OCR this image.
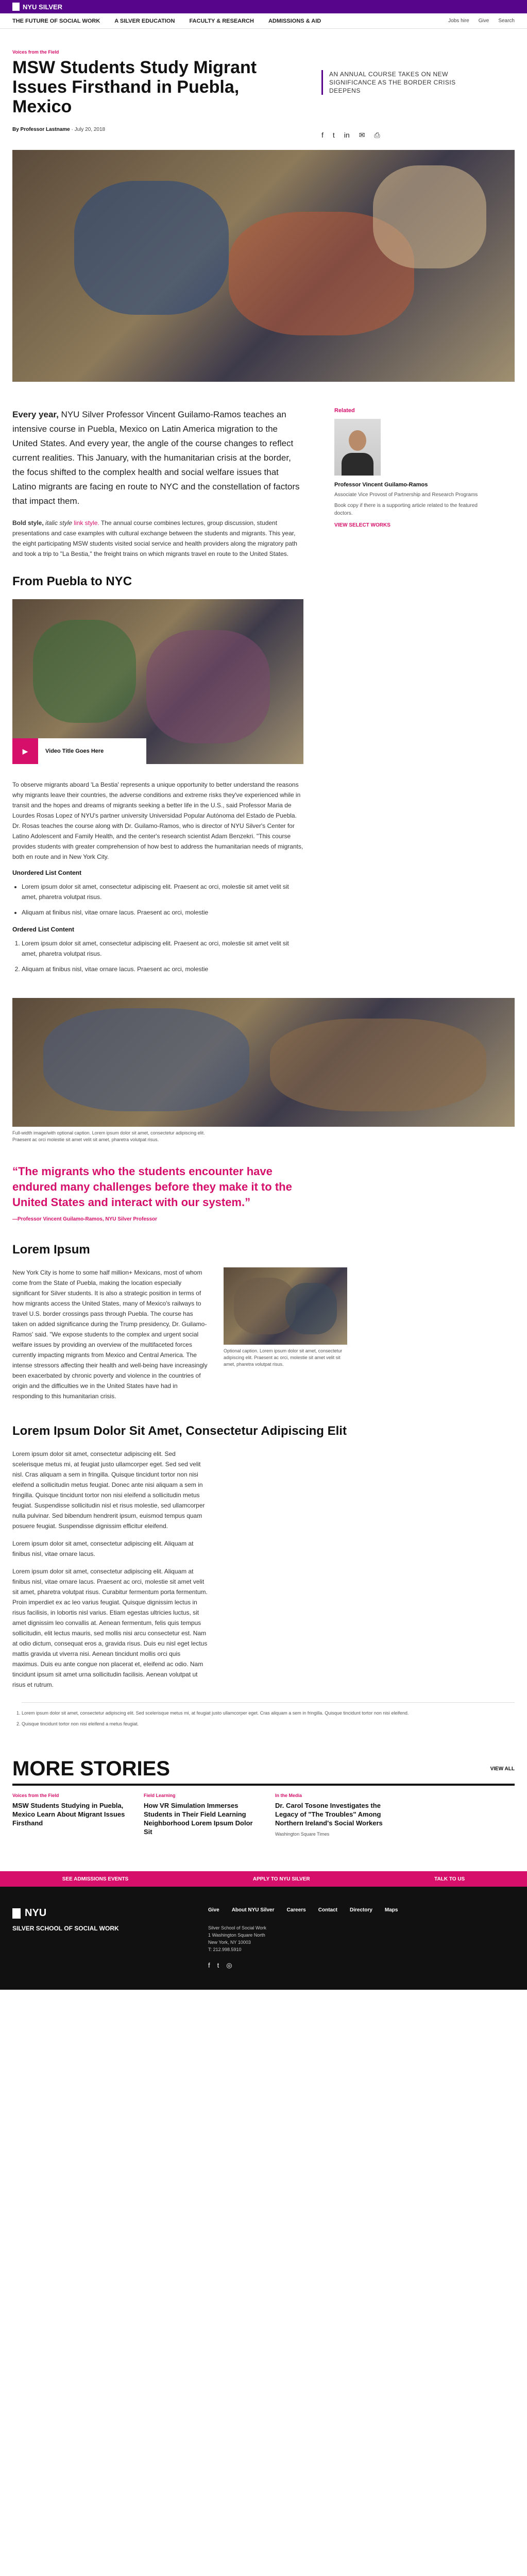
NYU SILVER
THE FUTURE OF SOCIAL WORK	A SILVER EDUCATION	FACULTY & RESEARCH	ADMISSIONS & AID	Jobs hire Give Search
Voices from the Field
MSW Students Study Migrant Issues Firsthand in Puebla, Mexico
By Professor Lastname · July 20, 2018

AN ANNUAL COURSE TAKES ON NEW SIGNIFICANCE AS THE BORDER CRISIS DEEPENS

f t in ✉ ⎙

Every year, NYU Silver Professor Vincent Guilamo-Ramos teaches an intensive course in Puebla, Mexico on Latin America migration to the United States. And every year, the angle of the course changes to reflect current realities. This January, with the humanitarian crisis at the border, the focus shifted to the complex health and social welfare issues that Latino migrants are facing en route to NYC and the constellation of factors that impact them.

Bold style, italic style link style. The annual course combines lectures, group discussion, student presentations and case examples with cultural exchange between the students and migrants. This year, the eight participating MSW students visited social service and health providers along the migratory path and took a trip to "La Bestia," the freight trains on which migrants travel en route to the United States.

From Puebla to NYC
▶	Video Title Goes Here

To observe migrants aboard 'La Bestia' represents a unique opportunity to better understand the reasons why migrants leave their countries, the adverse conditions and extreme risks they've experienced while in transit and the hopes and dreams of migrants seeking a better life in the U.S., said Professor Maria de Lourdes Rosas Lopez of NYU's partner university Universidad Popular Autónoma del Estado de Puebla. Dr. Rosas teaches the course along with Dr. Guilamo-Ramos, who is director of NYU Silver's Center for Latino Adolescent and Family Health, and the center's research scientist Adam Benzekri. "This course provides students with greater comprehension of how best to address the humanitarian needs of migrants, both en route and in New York City.

Unordered List Content
• Lorem ipsum dolor sit amet, consectetur adipiscing elit. Praesent ac orci, molestie sit amet velit sit amet, pharetra volutpat risus.
• Aliquam at finibus nisl, vitae ornare lacus. Praesent ac orci, molestie
Ordered List Content
1. Lorem ipsum dolor sit amet, consectetur adipiscing elit. Praesent ac orci, molestie sit amet velit sit amet, pharetra volutpat risus.
2. Aliquam at finibus nisl, vitae ornare lacus. Praesent ac orci, molestie
Related
Professor Vincent Guilamo-Ramos
Associate Vice Provost of Partnership and Research Programs
Book copy if there is a supporting article related to the featured doctors.
VIEW SELECT WORKS

Full-width image/with optional caption. Lorem ipsum dolor sit amet, consectetur adipiscing elit. Praesent ac orci molestie sit amet velit sit amet, pharetra volutpat risus.

“The migrants who the students encounter have endured many challenges before they make it to the United States and interact with our system.”
—Professor Vincent Guilamo-Ramos, NYU Silver Professor
Lorem Ipsum

New York City is home to some half million+ Mexicans, most of whom come from the State of Puebla, making the location especially significant for Silver students. It is also a strategic position in terms of how migrants access the United States, many of Mexico's railways to travel U.S. border crossings pass through Puebla. The course has taken on added significance during the Trump presidency, Dr. Guilamo-Ramos' said. "We expose students to the complex and urgent social welfare issues by providing an overview of the multifaceted forces currently impacting migrants from Mexico and Central America. The intense stressors affecting their health and well-being have increasingly been exacerbated by chronic poverty and violence in the countries of origin and the difficulties we in the United States have had in responding to this humanitarian crisis.

Optional caption. Lorem ipsum dolor sit amet, consectetur adipiscing elit. Praesent ac orci, molestie sit amet velit sit amet, pharetra volutpat risus.
Lorem Ipsum Dolor Sit Amet, Consectetur Adipiscing Elit

Lorem ipsum dolor sit amet, consectetur adipiscing elit. Sed scelerisque metus mi, at feugiat justo ullamcorper eget. Sed sed velit nisl. Cras aliquam a sem in fringilla. Quisque tincidunt tortor non nisi eleifend a sollicitudin metus feugiat. Donec ante nisi aliquam a sem in fringilla. Quisque tincidunt tortor non nisi eleifend a sollicitudin metus feugiat. Suspendisse sollicitudin nisl et risus molestie, sed ullamcorper nulla pulvinar. Sed bibendum hendrerit ipsum, euismod tempus quam posuere feugiat. Suspendisse dignissim efficitur eleifend.

Lorem ipsum dolor sit amet, consectetur adipiscing elit. Aliquam at finibus nisl, vitae ornare lacus.

Lorem ipsum dolor sit amet, consectetur adipiscing elit. Aliquam at finibus nisl, vitae ornare lacus. Praesent ac orci, molestie sit amet velit sit amet, pharetra volutpat risus. Curabitur fermentum porta fermentum. Proin imperdiet ex ac leo varius feugiat. Quisque dignissim lectus in risus facilisis, in lobortis nisl varius. Etiam egestas ultricies luctus, sit amet dignissim leo convallis at. Aenean fermentum, felis quis tempus sollicitudin, elit lectus mauris, sed mollis nisi arcu consectetur est. Nam at odio dictum, consequat eros a, gravida risus. Duis eu nisl eget lectus mattis gravida ut viverra nisi. Aenean tincidunt mollis orci quis maximus. Duis eu ante congue non placerat et, eleifend ac odio. Nam tincidunt ipsum sit amet urna sollicitudin facilisis. Aenean volutpat ut risus et rutrum.

1. Lorem ipsum dolor sit amet, consectetur adipiscing elit. Sed scelerisque metus mi, at feugiat justo ullamcorper eget. Cras aliquam a sem in fringilla. Quisque tincidunt tortor non nisi eleifend.
2. Quisque tincidunt tortor non nisi eleifend a metus feugiat.
MORE STORIES	VIEW ALL
Voices from the Field
MSW Students Studying in Puebla, Mexico Learn About Migrant Issues Firsthand
Field Learning
How VR Simulation Immerses Students in Their Field Learning Neighborhood Lorem Ipsum Dolor Sit
In the Media
Dr. Carol Tosone Investigates the Legacy of "The Troubles" Among Northern Ireland's Social Workers
Washington Square Times
SEE ADMISSIONS EVENTS	APPLY TO NYU SILVER	TALK TO US
NYU
SILVER SCHOOL OF SOCIAL WORK
Give About NYU Silver Careers Contact Directory Maps
Silver School of Social Work
1 Washington Square North
New York, NY 10003
T: 212.998.5910
f t ◎
